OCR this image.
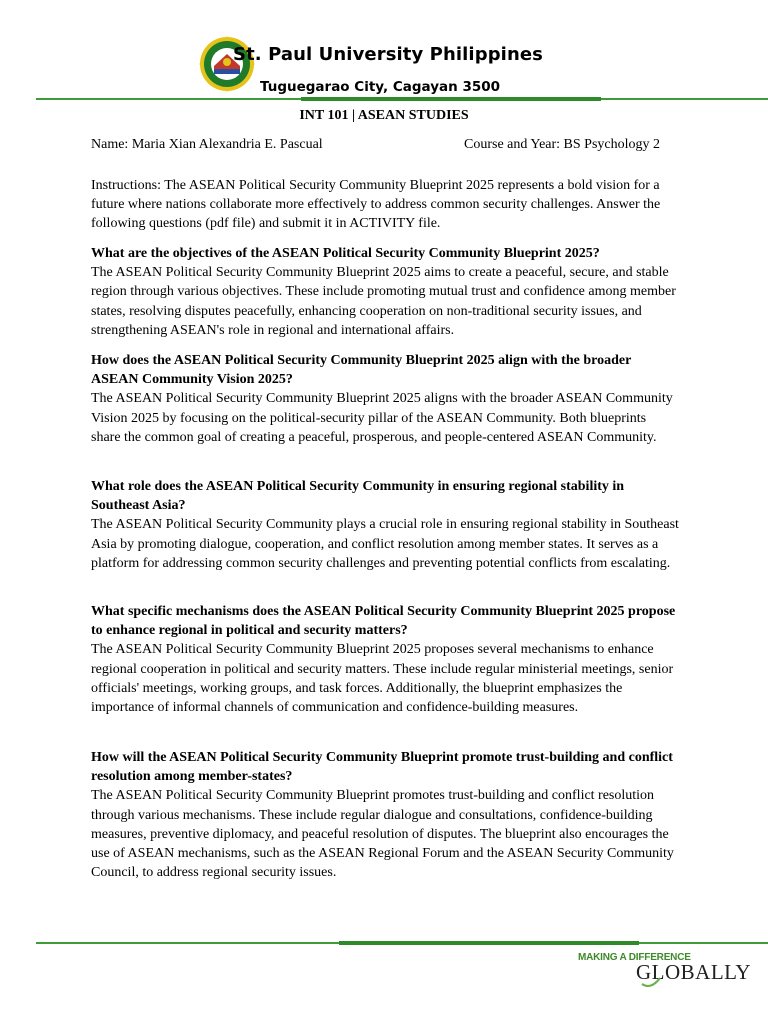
St. Paul University Philippines
Tuguegarao City, Cagayan 3500
INT 101 | ASEAN STUDIES
Name: Maria Xian Alexandria E. Pascual	Course and Year: BS Psychology 2
Instructions: The ASEAN Political Security Community Blueprint 2025 represents a bold vision for a future where nations collaborate more effectively to address common security challenges. Answer the following questions (pdf file) and submit it in ACTIVITY file.

What are the objectives of the ASEAN Political Security Community Blueprint 2025?

The ASEAN Political Security Community Blueprint 2025 aims to create a peaceful, secure, and stable region through various objectives. These include promoting mutual trust and confidence among member states, resolving disputes peacefully, enhancing cooperation on non-traditional security issues, and strengthening ASEAN's role in regional and international affairs.

How does the ASEAN Political Security Community Blueprint 2025 align with the broader ASEAN Community Vision 2025?

The ASEAN Political Security Community Blueprint 2025 aligns with the broader ASEAN Community Vision 2025 by focusing on the political-security pillar of the ASEAN Community. Both blueprints share the common goal of creating a peaceful, prosperous, and people-centered ASEAN Community.

What role does the ASEAN Political Security Community in ensuring regional stability in Southeast Asia?

The ASEAN Political Security Community plays a crucial role in ensuring regional stability in Southeast Asia by promoting dialogue, cooperation, and conflict resolution among member states. It serves as a platform for addressing common security challenges and preventing potential conflicts from escalating.

What specific mechanisms does the ASEAN Political Security Community Blueprint 2025 propose to enhance regional in political and security matters?

The ASEAN Political Security Community Blueprint 2025 proposes several mechanisms to enhance regional cooperation in political and security matters. These include regular ministerial meetings, senior officials' meetings, working groups, and task forces. Additionally, the blueprint emphasizes the importance of informal channels of communication and confidence-building measures.

How will the ASEAN Political Security Community Blueprint promote trust-building and conflict resolution among member-states?

The ASEAN Political Security Community Blueprint promotes trust-building and conflict resolution through various mechanisms. These include regular dialogue and consultations, confidence-building measures, preventive diplomacy, and peaceful resolution of disputes. The blueprint also encourages the use of ASEAN mechanisms, such as the ASEAN Regional Forum and the ASEAN Security Community Council, to address regional security issues.

MAKING A DIFFERENCE
GLOBALLY
